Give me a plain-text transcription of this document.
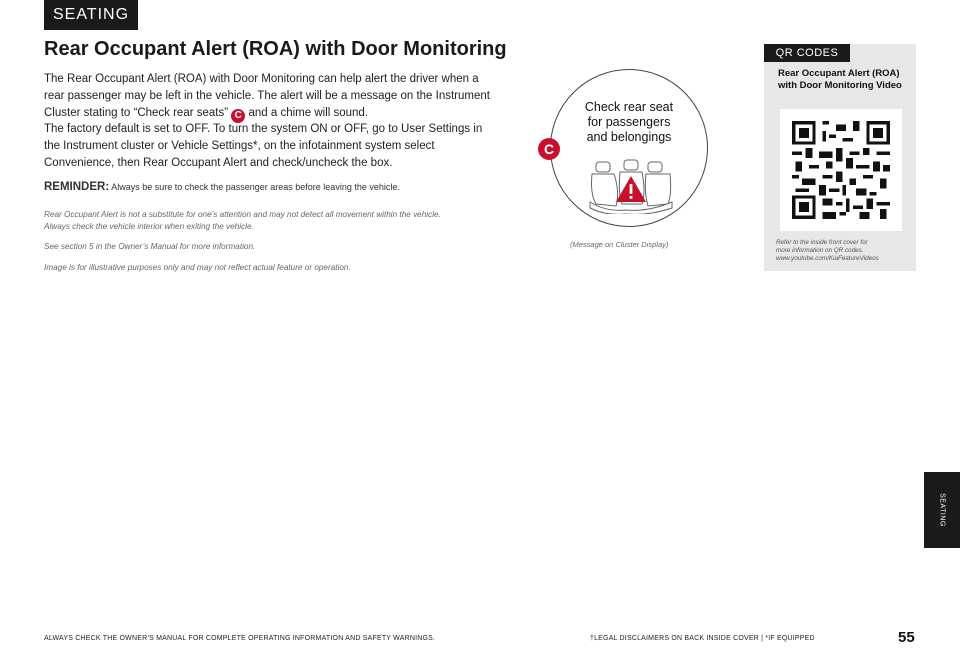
SEATING
Rear Occupant Alert (ROA) with Door Monitoring

The Rear Occupant Alert (ROA) with Door Monitoring can help alert the driver when a rear passenger may be left in the vehicle. The alert will be a message on the Instrument Cluster stating to “Check rear seats” C and a chime will sound.

The factory default is set to OFF. To turn the system ON or OFF, go to User Settings in the Instrument cluster or Vehicle Settings*, on the infotainment system select Convenience, then Rear Occupant Alert and check/uncheck the box.

REMINDER: Always be sure to check the passenger areas before leaving the vehicle.

Rear Occupant Alert is not a substitute for one’s attention and may not detect all movement within the vehicle. Always check the vehicle interior when exiting the vehicle.

See section 5 in the Owner’s Manual for more information.

Image is for illustrative purposes only and may not reflect actual feature or operation.

Check rear seat
for passengers
and belongings
C
(Message on Cluster Display)
QR CODES

Rear Occupant Alert (ROA) with Door Monitoring Video

Refer to the inside front cover for
more information on QR codes.
www.youtube.com/KiaFeatureVideos
SEATING
ALWAYS CHECK THE OWNER’S MANUAL FOR COMPLETE OPERATING INFORMATION AND SAFETY WARNINGS.	†LEGAL DISCLAIMERS ON BACK INSIDE COVER | *IF EQUIPPED	55
